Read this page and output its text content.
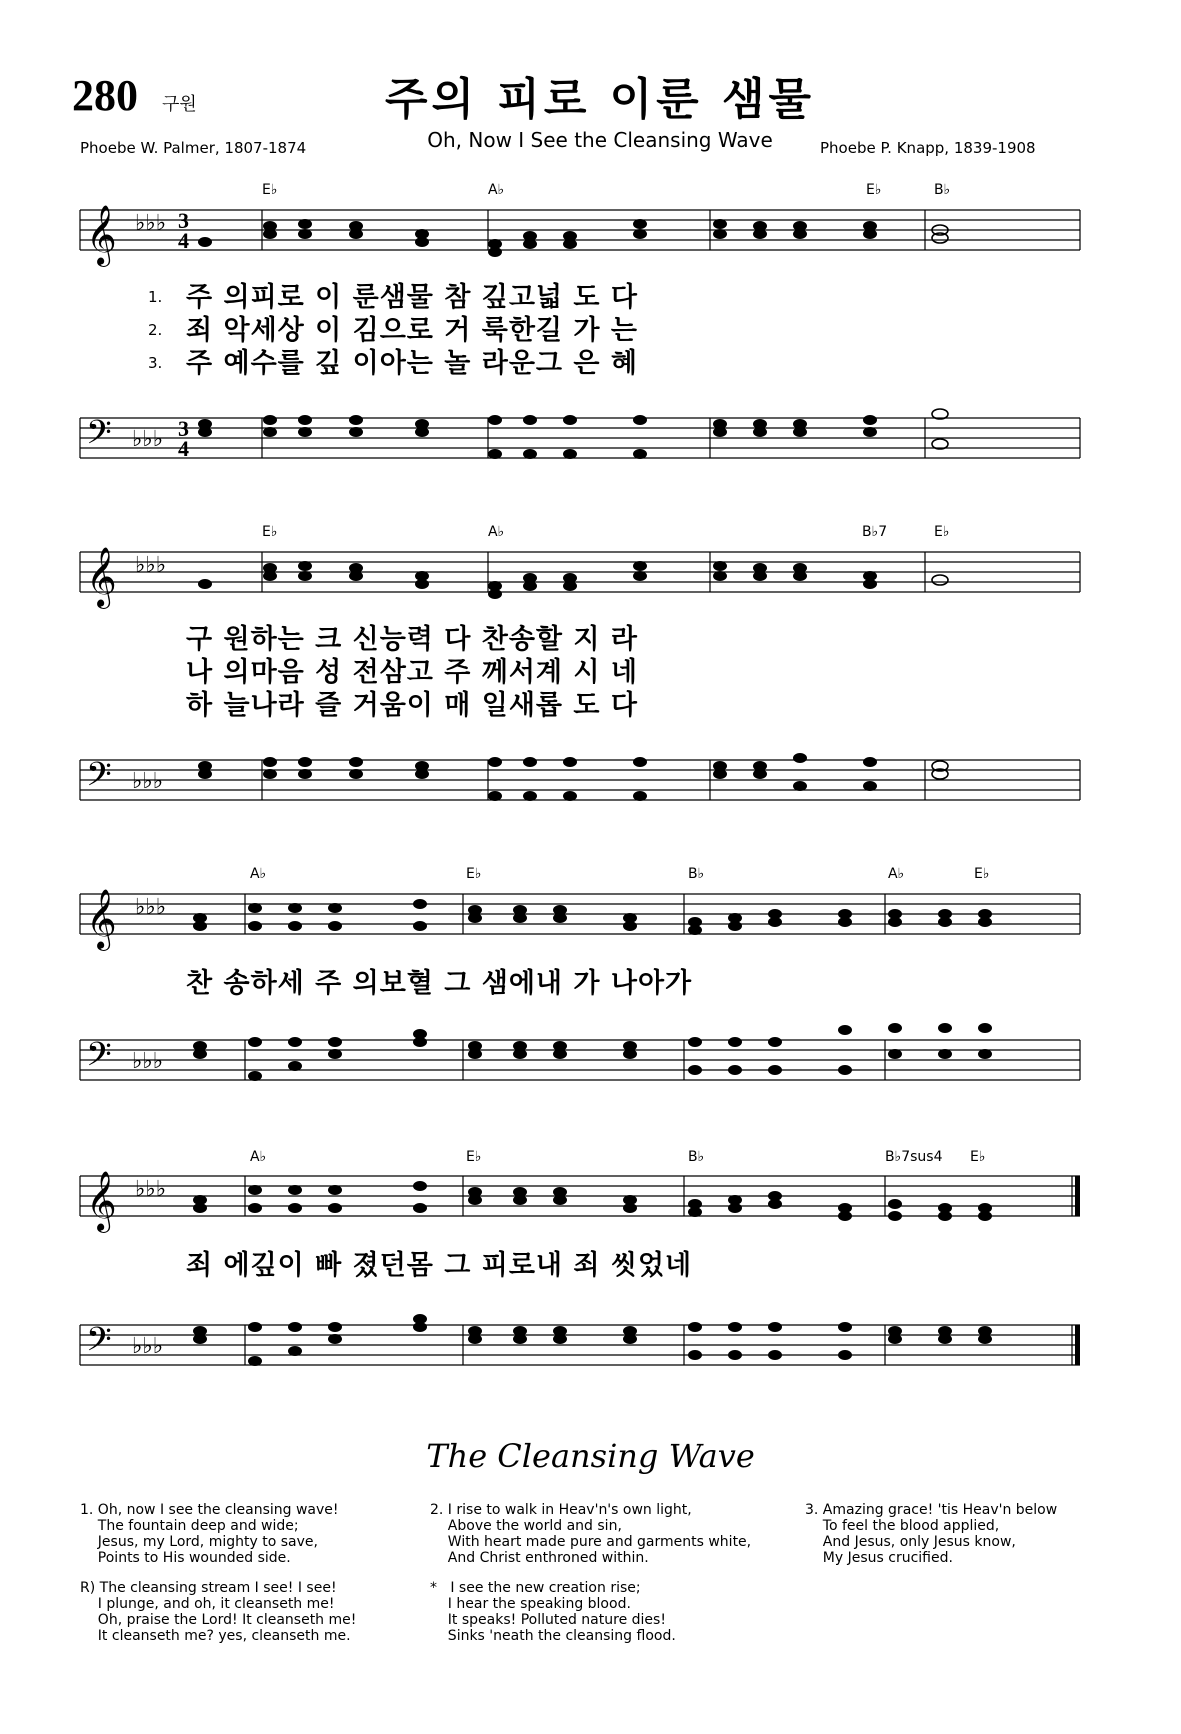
280 구원	주의 피로 이룬 샘물
Oh, Now I See the Cleansing Wave
Phoebe W. Palmer, 1807-1874	Phoebe P. Knapp, 1839-1908
E♭	A♭	E♭	B♭
𝄞 ♭♭♭ 3
4
1.
2.
3.
주 의피로 이 룬샘물 참 깊고넓 도 다
죄 악세상 이 김으로 거 룩한길 가 는
주 예수를 깊 이아는 놀 라운그 은 혜
𝄢 ♭♭♭ 3
4
E♭	A♭	B♭7	E♭
𝄞 ♭♭♭
구 원하는 크 신능력 다 찬송할 지 라
나 의마음 성 전삼고 주 께서계 시 네
하 늘나라 즐 거움이 매 일새롭 도 다
𝄢 ♭♭♭
A♭	E♭	B♭	A♭	E♭
𝄞 ♭♭♭
찬 송하세 주 의보혈 그 샘에내 가 나아가
𝄢 ♭♭♭
A♭	E♭	B♭	B♭7sus4 E♭
𝄞 ♭♭♭
죄 에깊이 빠 졌던몸 그 피로내 죄 씻었네
𝄢 ♭♭♭
The Cleansing Wave
1. Oh, now I see the cleansing wave!
The fountain deep and wide;
Jesus, my Lord, mighty to save,
Points to His wounded side.
R) The cleansing stream I see! I see!
I plunge, and oh, it cleanseth me!
Oh, praise the Lord! It cleanseth me!
It cleanseth me? yes, cleanseth me.
2. I rise to walk in Heav'n's own light,
Above the world and sin,
With heart made pure and garments white,
And Christ enthroned within.
*   I see the new creation rise;
I hear the speaking blood.
It speaks! Polluted nature dies!
Sinks 'neath the cleansing flood.
3. Amazing grace! 'tis Heav'n below
To feel the blood applied,
And Jesus, only Jesus know,
My Jesus crucified.
